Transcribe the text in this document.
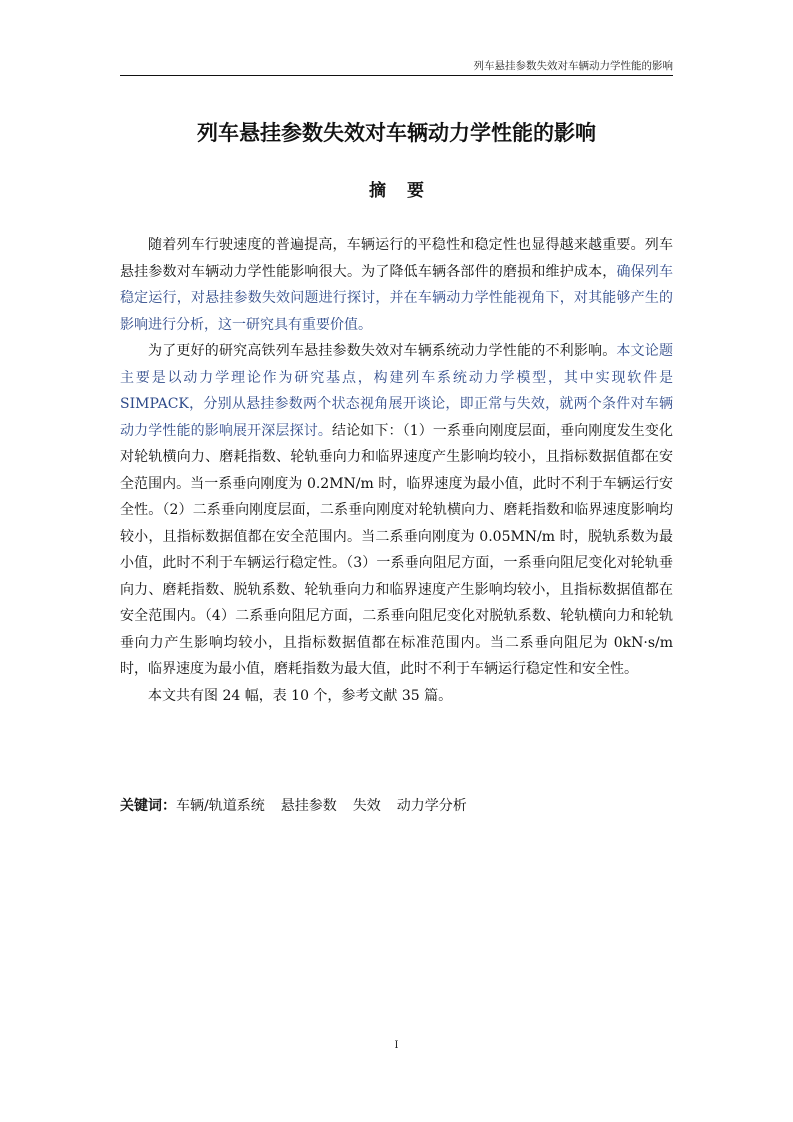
列车悬挂参数失效对车辆动力学性能的影响
列车悬挂参数失效对车辆动力学性能的影响
摘要

随着列车行驶速度的普遍提高，车辆运行的平稳性和稳定性也显得越来越重要。列车悬挂参数对车辆动力学性能影响很大。为了降低车辆各部件的磨损和维护成本，确保列车稳定运行，对悬挂参数失效问题进行探讨，并在车辆动力学性能视角下，对其能够产生的影响进行分析，这一研究具有重要价值。

为了更好的研究高铁列车悬挂参数失效对车辆系统动力学性能的不利影响。本文论题主要是以动力学理论作为研究基点，构建列车系统动力学模型，其中实现软件是 SIMPACK，分别从悬挂参数两个状态视角展开谈论，即正常与失效，就两个条件对车辆动力学性能的影响展开深层探讨。结论如下：（1）一系垂向刚度层面，垂向刚度发生变化对轮轨横向力、磨耗指数、轮轨垂向力和临界速度产生影响均较小，且指标数据值都在安全范围内。当一系垂向刚度为 0.2MN/m 时，临界速度为最小值，此时不利于车辆运行安全性。（2）二系垂向刚度层面，二系垂向刚度对轮轨横向力、磨耗指数和临界速度影响均较小，且指标数据值都在安全范围内。当二系垂向刚度为 0.05MN/m 时，脱轨系数为最小值，此时不利于车辆运行稳定性。（3）一系垂向阻尼方面，一系垂向阻尼变化对轮轨垂向力、磨耗指数、脱轨系数、轮轨垂向力和临界速度产生影响均较小，且指标数据值都在安全范围内。（4）二系垂向阻尼方面，二系垂向阻尼变化对脱轨系数、轮轨横向力和轮轨垂向力产生影响均较小，且指标数据值都在标准范围内。当二系垂向阻尼为 0kN·s/m 时，临界速度为最小值，磨耗指数为最大值，此时不利于车辆运行稳定性和安全性。

本文共有图 24 幅，表 10 个，参考文献 35 篇。

关键词：车辆/轨道系统 悬挂参数 失效 动力学分析
I
